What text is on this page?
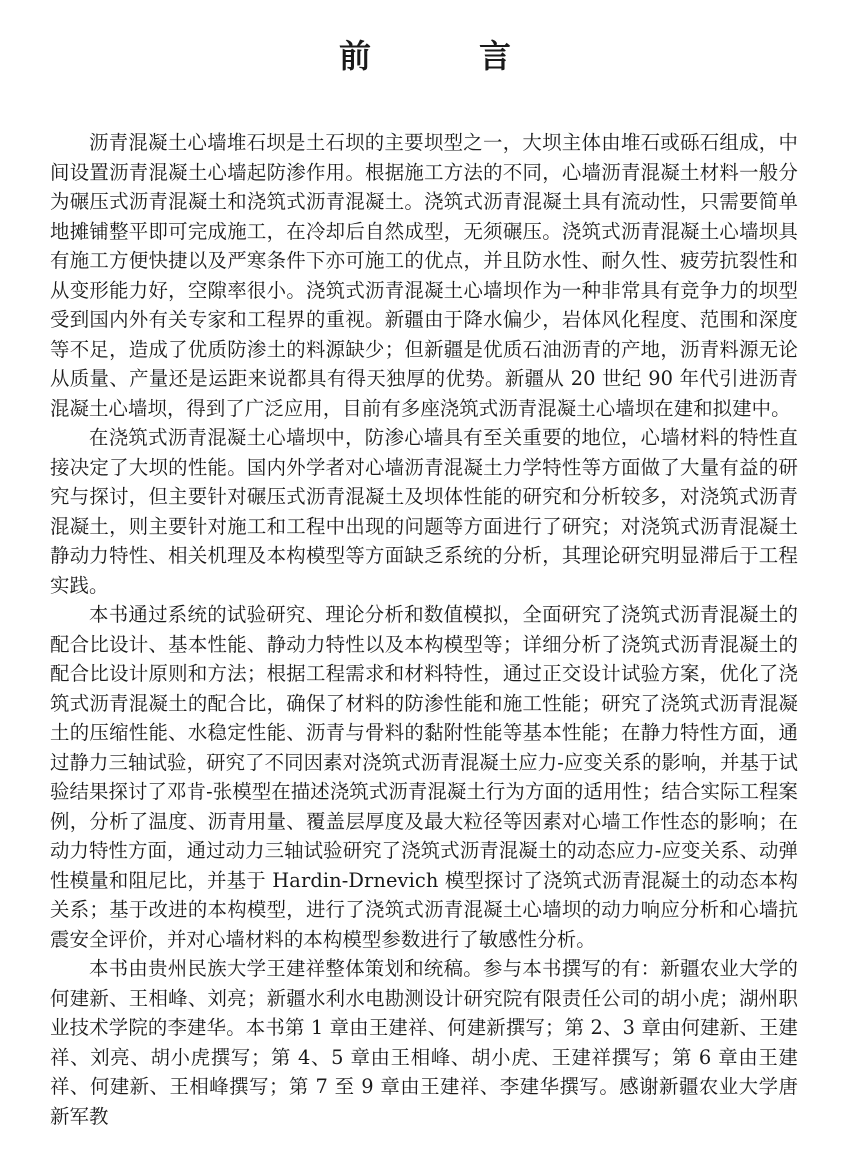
前　言

沥青混凝土心墙堆石坝是土石坝的主要坝型之一，大坝主体由堆石或砾石组成，中间设置沥青混凝土心墙起防渗作用。根据施工方法的不同，心墙沥青混凝土材料一般分为碾压式沥青混凝土和浇筑式沥青混凝土。浇筑式沥青混凝土具有流动性，只需要简单地摊铺整平即可完成施工，在冷却后自然成型，无须碾压。浇筑式沥青混凝土心墙坝具有施工方便快捷以及严寒条件下亦可施工的优点，并且防水性、耐久性、疲劳抗裂性和从变形能力好，空隙率很小。浇筑式沥青混凝土心墙坝作为一种非常具有竞争力的坝型受到国内外有关专家和工程界的重视。新疆由于降水偏少，岩体风化程度、范围和深度等不足，造成了优质防渗土的料源缺少；但新疆是优质石油沥青的产地，沥青料源无论从质量、产量还是运距来说都具有得天独厚的优势。新疆从 20 世纪 90 年代引进沥青混凝土心墙坝，得到了广泛应用，目前有多座浇筑式沥青混凝土心墙坝在建和拟建中。

在浇筑式沥青混凝土心墙坝中，防渗心墙具有至关重要的地位，心墙材料的特性直接决定了大坝的性能。国内外学者对心墙沥青混凝土力学特性等方面做了大量有益的研究与探讨，但主要针对碾压式沥青混凝土及坝体性能的研究和分析较多，对浇筑式沥青混凝土，则主要针对施工和工程中出现的问题等方面进行了研究；对浇筑式沥青混凝土静动力特性、相关机理及本构模型等方面缺乏系统的分析，其理论研究明显滞后于工程实践。

本书通过系统的试验研究、理论分析和数值模拟，全面研究了浇筑式沥青混凝土的配合比设计、基本性能、静动力特性以及本构模型等；详细分析了浇筑式沥青混凝土的配合比设计原则和方法；根据工程需求和材料特性，通过正交设计试验方案，优化了浇筑式沥青混凝土的配合比，确保了材料的防渗性能和施工性能；研究了浇筑式沥青混凝土的压缩性能、水稳定性能、沥青与骨料的黏附性能等基本性能；在静力特性方面，通过静力三轴试验，研究了不同因素对浇筑式沥青混凝土应力-应变关系的影响，并基于试验结果探讨了邓肯-张模型在描述浇筑式沥青混凝土行为方面的适用性；结合实际工程案例，分析了温度、沥青用量、覆盖层厚度及最大粒径等因素对心墙工作性态的影响；在动力特性方面，通过动力三轴试验研究了浇筑式沥青混凝土的动态应力-应变关系、动弹性模量和阻尼比，并基于 Hardin-Drnevich 模型探讨了浇筑式沥青混凝土的动态本构关系；基于改进的本构模型，进行了浇筑式沥青混凝土心墙坝的动力响应分析和心墙抗震安全评价，并对心墙材料的本构模型参数进行了敏感性分析。

本书由贵州民族大学王建祥整体策划和统稿。参与本书撰写的有：新疆农业大学的何建新、王相峰、刘亮；新疆水利水电勘测设计研究院有限责任公司的胡小虎；湖州职业技术学院的李建华。本书第 1 章由王建祥、何建新撰写；第 2、3 章由何建新、王建祥、刘亮、胡小虎撰写；第 4、5 章由王相峰、胡小虎、王建祥撰写；第 6 章由王建祥、何建新、王相峰撰写；第 7 至 9 章由王建祥、李建华撰写。感谢新疆农业大学唐新军教
